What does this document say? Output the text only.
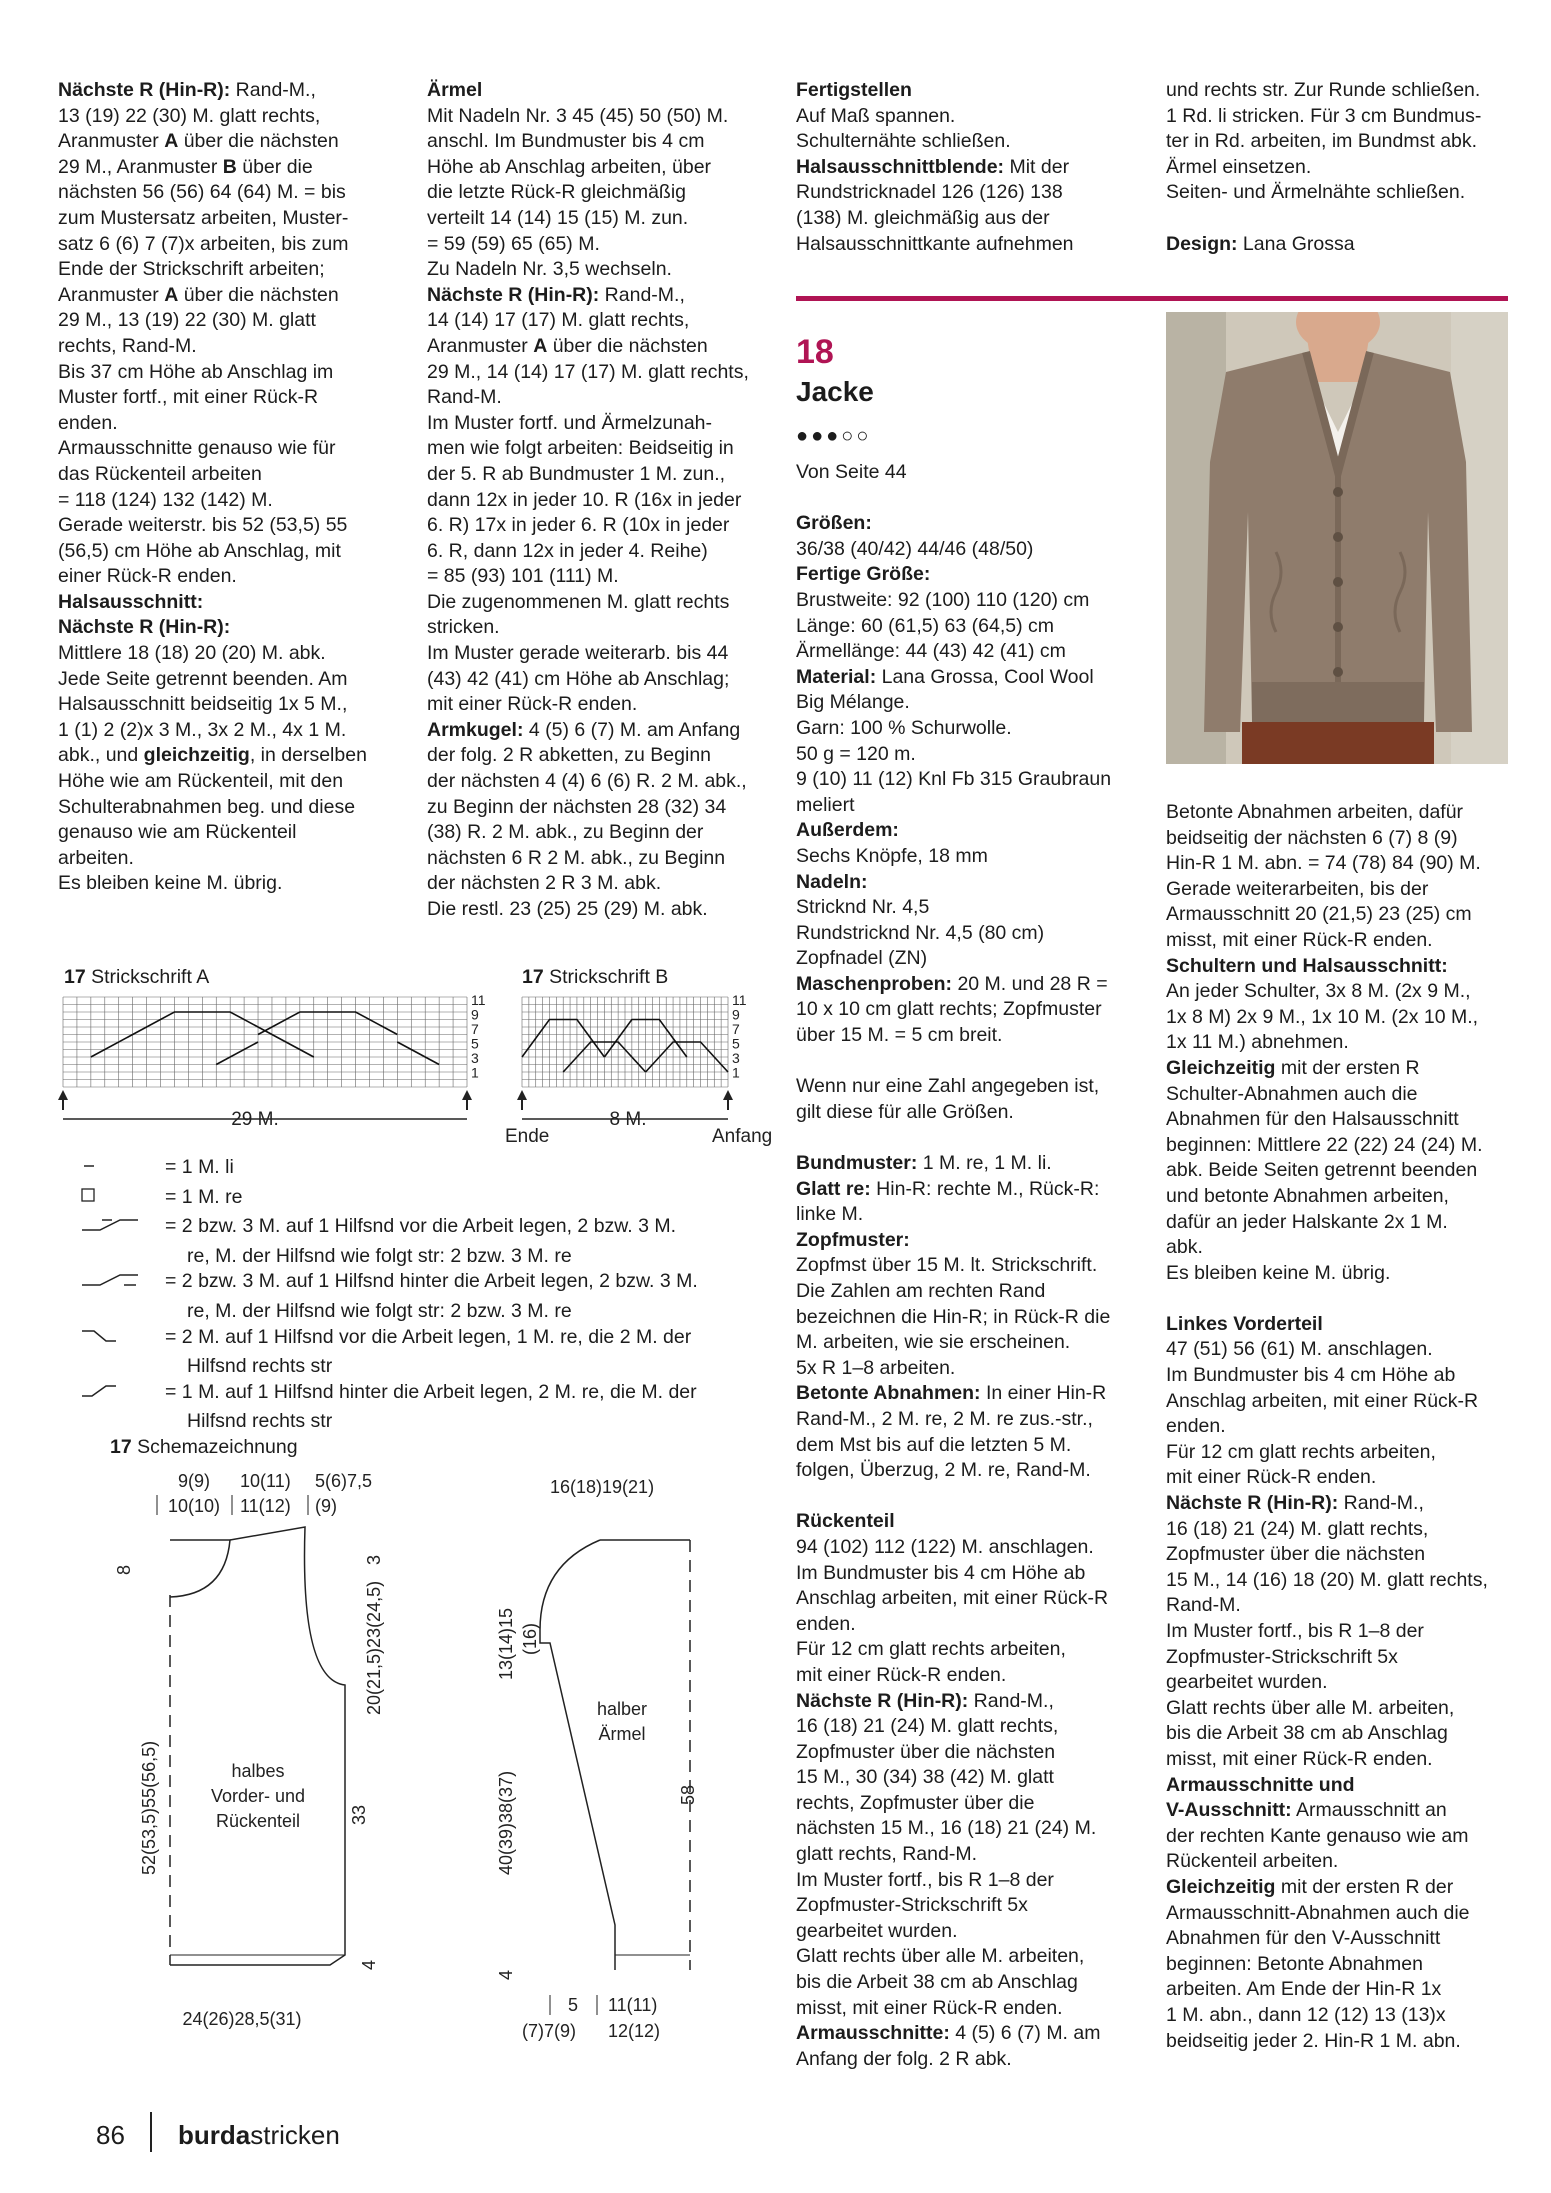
Nächste R (Hin-R): Rand-M.,

13 (19) 22 (30) M. glatt rechts,

Aranmuster A über die nächsten

29 M., Aranmuster B über die

nächsten 56 (56) 64 (64) M. = bis

zum Mustersatz arbeiten, Muster-

satz 6 (6) 7 (7)x arbeiten, bis zum

Ende der Strickschrift arbeiten;

Aranmuster A über die nächsten

29 M., 13 (19) 22 (30) M. glatt

rechts, Rand-M.

Bis 37 cm Höhe ab Anschlag im

Muster fortf., mit einer Rück-R

enden.

Armausschnitte genauso wie für

das Rückenteil arbeiten

= 118 (124) 132 (142) M.

Gerade weiterstr. bis 52 (53,5) 55

(56,5) cm Höhe ab Anschlag, mit

einer Rück-R enden.

Halsausschnitt:

Nächste R (Hin-R):

Mittlere 18 (18) 20 (20) M. abk.

Jede Seite getrennt beenden. Am

Halsausschnitt beidseitig 1x 5 M.,

1 (1) 2 (2)x 3 M., 3x 2 M., 4x 1 M.

abk., und gleichzeitig, in derselben

Höhe wie am Rückenteil, mit den

Schulterabnahmen beg. und diese

genauso wie am Rückenteil

arbeiten.

Es bleiben keine M. übrig.

Ärmel

Mit Nadeln Nr. 3 45 (45) 50 (50) M.

anschl. Im Bundmuster bis 4 cm

Höhe ab Anschlag arbeiten, über

die letzte Rück-R gleichmäßig

verteilt 14 (14) 15 (15) M. zun.

= 59 (59) 65 (65) M.

Zu Nadeln Nr. 3,5 wechseln.

Nächste R (Hin-R): Rand-M.,

14 (14) 17 (17) M. glatt rechts,

Aranmuster A über die nächsten

29 M., 14 (14) 17 (17) M. glatt rechts,

Rand-M.

Im Muster fortf. und Ärmelzunah-

men wie folgt arbeiten: Beidseitig in

der 5. R ab Bundmuster 1 M. zun.,

dann 12x in jeder 10. R (16x in jeder

6. R) 17x in jeder 6. R (10x in jeder

6. R, dann 12x in jeder 4. Reihe)

= 85 (93) 101 (111) M.

Die zugenommenen M. glatt rechts

stricken.

Im Muster gerade weiterarb. bis 44

(43) 42 (41) cm Höhe ab Anschlag;

mit einer Rück-R enden.

Armkugel: 4 (5) 6 (7) M. am Anfang

der folg. 2 R abketten, zu Beginn

der nächsten 4 (4) 6 (6) R. 2 M. abk.,

zu Beginn der nächsten 28 (32) 34

(38) R. 2 M. abk., zu Beginn der

nächsten 6 R 2 M. abk., zu Beginn

der nächsten 2 R 3 M. abk.

Die restl. 23 (25) 25 (29) M. abk.

Fertigstellen

Auf Maß spannen.

Schulternähte schließen.

Halsausschnittblende: Mit der

Rundstricknadel 126 (126) 138

(138) M. gleichmäßig aus der

Halsausschnittkante aufnehmen

und rechts str. Zur Runde schließen.

1 Rd. li stricken. Für 3 cm Bundmus-

ter in Rd. arbeiten, im Bundmst abk.

Ärmel einsetzen.

Seiten- und Ärmelnähte schließen.

Design: Lana Grossa

18
Jacke
●●●○○

Von Seite 44

Größen:

36/38 (40/42) 44/46 (48/50)

Fertige Größe:

Brustweite: 92 (100) 110 (120) cm

Länge: 60 (61,5) 63 (64,5) cm

Ärmellänge: 44 (43) 42 (41) cm

Material: Lana Grossa, Cool Wool

Big Mélange.

Garn: 100 % Schurwolle.

50 g = 120 m.

9 (10) 11 (12) Knl Fb 315 Graubraun

meliert

Außerdem:

Sechs Knöpfe, 18 mm

Nadeln:

Stricknd Nr. 4,5

Rundstricknd Nr. 4,5 (80 cm)

Zopfnadel (ZN)

Maschenproben: 20 M. und 28 R =

10 x 10 cm glatt rechts; Zopfmuster

über 15 M. = 5 cm breit.

Wenn nur eine Zahl angegeben ist,

gilt diese für alle Größen.

Bundmuster: 1 M. re, 1 M. li.

Glatt re: Hin-R: rechte M., Rück-R:

linke M.

Zopfmuster:

Zopfmst über 15 M. lt. Strickschrift.

Die Zahlen am rechten Rand

bezeichnen die Hin-R; in Rück-R die

M. arbeiten, wie sie erscheinen.

5x R 1–8 arbeiten.

Betonte Abnahmen: In einer Hin-R

Rand-M., 2 M. re, 2 M. re zus.-str.,

dem Mst bis auf die letzten 5 M.

folgen, Überzug, 2 M. re, Rand-M.

Rückenteil

94 (102) 112 (122) M. anschlagen.

Im Bundmuster bis 4 cm Höhe ab

Anschlag arbeiten, mit einer Rück-R

enden.

Für 12 cm glatt rechts arbeiten,

mit einer Rück-R enden.

Nächste R (Hin-R): Rand-M.,

16 (18) 21 (24) M. glatt rechts,

Zopfmuster über die nächsten

15 M., 30 (34) 38 (42) M. glatt

rechts, Zopfmuster über die

nächsten 15 M., 16 (18) 21 (24) M.

glatt rechts, Rand-M.

Im Muster fortf., bis R 1–8 der

Zopfmuster-Strickschrift 5x

gearbeitet wurden.

Glatt rechts über alle M. arbeiten,

bis die Arbeit 38 cm ab Anschlag

misst, mit einer Rück-R enden.

Armausschnitte: 4 (5) 6 (7) M. am

Anfang der folg. 2 R abk.

Betonte Abnahmen arbeiten, dafür

beidseitig der nächsten 6 (7) 8 (9)

Hin-R 1 M. abn. = 74 (78) 84 (90) M.

Gerade weiterarbeiten, bis der

Armausschnitt 20 (21,5) 23 (25) cm

misst, mit einer Rück-R enden.

Schultern und Halsausschnitt:

An jeder Schulter, 3x 8 M. (2x 9 M.,

1x 8 M) 2x 9 M., 1x 10 M. (2x 10 M.,

1x 11 M.) abnehmen.

Gleichzeitig mit der ersten R

Schulter-Abnahmen auch die

Abnahmen für den Halsausschnitt

beginnen: Mittlere 22 (22) 24 (24) M.

abk. Beide Seiten getrennt beenden

und betonte Abnahmen arbeiten,

dafür an jeder Halskante 2x 1 M.

abk.

Es bleiben keine M. übrig.

Linkes Vorderteil

47 (51) 56 (61) M. anschlagen.

Im Bundmuster bis 4 cm Höhe ab

Anschlag arbeiten, mit einer Rück-R

enden.

Für 12 cm glatt rechts arbeiten,

mit einer Rück-R enden.

Nächste R (Hin-R): Rand-M.,

16 (18) 21 (24) M. glatt rechts,

Zopfmuster über die nächsten

15 M., 14 (16) 18 (20) M. glatt rechts,

Rand-M.

Im Muster fortf., bis R 1–8 der

Zopfmuster-Strickschrift 5x

gearbeitet wurden.

Glatt rechts über alle M. arbeiten,

bis die Arbeit 38 cm ab Anschlag

misst, mit einer Rück-R enden.

Armausschnitte und

V-Ausschnitt: Armausschnitt an

der rechten Kante genauso wie am

Rückenteil arbeiten.

Gleichzeitig mit der ersten R der

Armausschnitt-Abnahmen auch die

Abnahmen für den V-Ausschnitt

beginnen: Betonte Abnahmen

arbeiten. Am Ende der Hin-R 1x

1 M. abn., dann 12 (12) 13 (13)x

beidseitig jeder 2. Hin-R 1 M. abn.

17 Strickschrift A
11
9
7
5
3
1
29 M.
17 Strickschrift B
11
9
7
5
3
1
Ende
8 M.
Anfang
= 1 M. li
= 1 M. re
= 2 bzw. 3 M. auf 1 Hilfsnd vor die Arbeit legen, 2 bzw. 3 M.
re, M. der Hilfsnd wie folgt str: 2 bzw. 3 M. re
= 2 bzw. 3 M. auf 1 Hilfsnd hinter die Arbeit legen, 2 bzw. 3 M.
re, M. der Hilfsnd wie folgt str: 2 bzw. 3 M. re
= 2 M. auf 1 Hilfsnd vor die Arbeit legen, 1 M. re, die 2 M. der
Hilfsnd rechts str
= 1 M. auf 1 Hilfsnd hinter die Arbeit legen, 2 M. re, die M. der
Hilfsnd rechts str
17 Schemazeichnung
9(9)
10(10)
10(11)
11(12)
5(6)7,5
(9)
8
3
20(21,5)23(24,5)
33
4
52(53,5)55(56,5)	halbes
Vorder- und
Rückenteil
24(26)28,5(31)
16(18)19(21)
13(14)15 (16)
40(39)38(37)
4
58
halber
Ärmel
5
(7)7(9)
11(11)
12(12)
86 burdastricken
